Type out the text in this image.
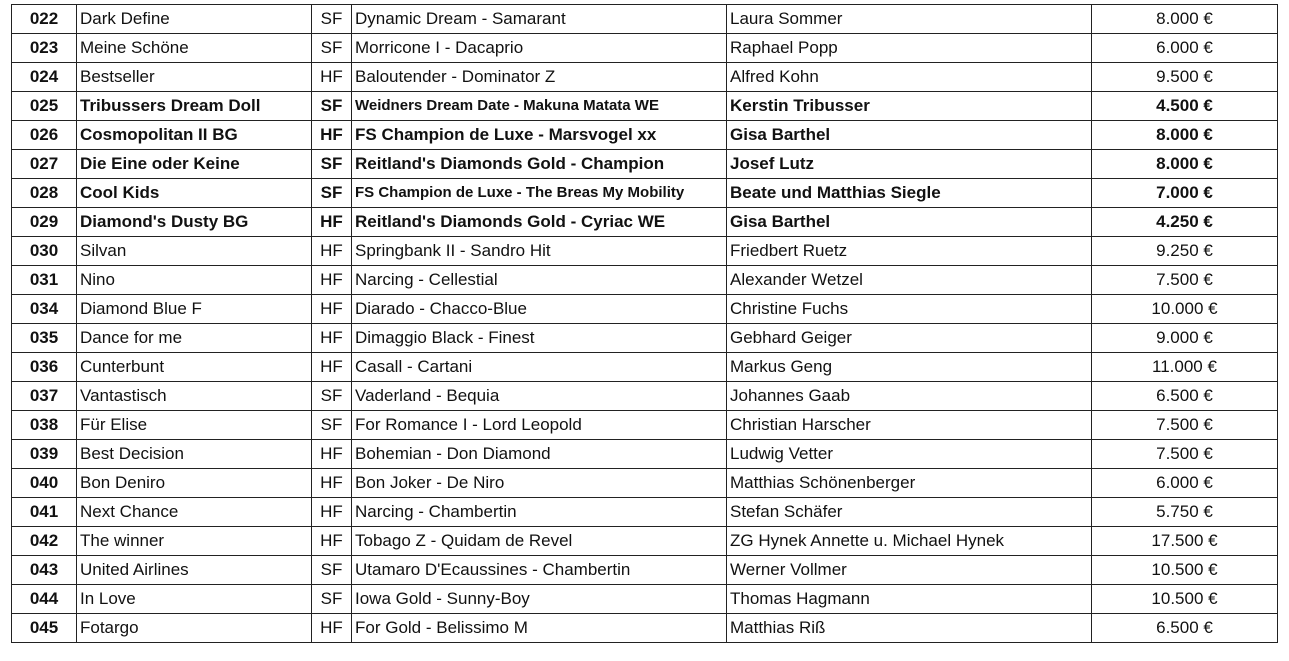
022	Dark Define	SF	Dynamic Dream - Samarant	Laura Sommer	8.000 €
023	Meine Schöne	SF	Morricone I - Dacaprio	Raphael Popp	6.000 €
024	Bestseller	HF	Baloutender - Dominator Z	Alfred Kohn	9.500 €
025	Tribussers Dream Doll	SF	Weidners Dream Date - Makuna Matata WE	Kerstin Tribusser	4.500 €
026	Cosmopolitan II BG	HF	FS Champion de Luxe - Marsvogel xx	Gisa Barthel	8.000 €
027	Die Eine oder Keine	SF	Reitland's Diamonds Gold - Champion	Josef Lutz	8.000 €
028	Cool Kids	SF	FS Champion de Luxe - The Breas My Mobility	Beate und Matthias Siegle	7.000 €
029	Diamond's Dusty BG	HF	Reitland's Diamonds Gold - Cyriac WE	Gisa Barthel	4.250 €
030	Silvan	HF	Springbank II - Sandro Hit	Friedbert Ruetz	9.250 €
031	Nino	HF	Narcing - Cellestial	Alexander Wetzel	7.500 €
034	Diamond Blue F	HF	Diarado - Chacco-Blue	Christine Fuchs	10.000 €
035	Dance for me	HF	Dimaggio Black - Finest	Gebhard Geiger	9.000 €
036	Cunterbunt	HF	Casall - Cartani	Markus Geng	11.000 €
037	Vantastisch	SF	Vaderland - Bequia	Johannes Gaab	6.500 €
038	Für Elise	SF	For Romance I - Lord Leopold	Christian Harscher	7.500 €
039	Best Decision	HF	Bohemian - Don Diamond	Ludwig Vetter	7.500 €
040	Bon Deniro	HF	Bon Joker - De Niro	Matthias Schönenberger	6.000 €
041	Next Chance	HF	Narcing - Chambertin	Stefan Schäfer	5.750 €
042	The winner	HF	Tobago Z - Quidam de Revel	ZG Hynek Annette u. Michael Hynek	17.500 €
043	United Airlines	SF	Utamaro D'Ecaussines - Chambertin	Werner Vollmer	10.500 €
044	In Love	SF	Iowa Gold - Sunny-Boy	Thomas Hagmann	10.500 €
045	Fotargo	HF	For Gold - Belissimo M	Matthias Riß	6.500 €
